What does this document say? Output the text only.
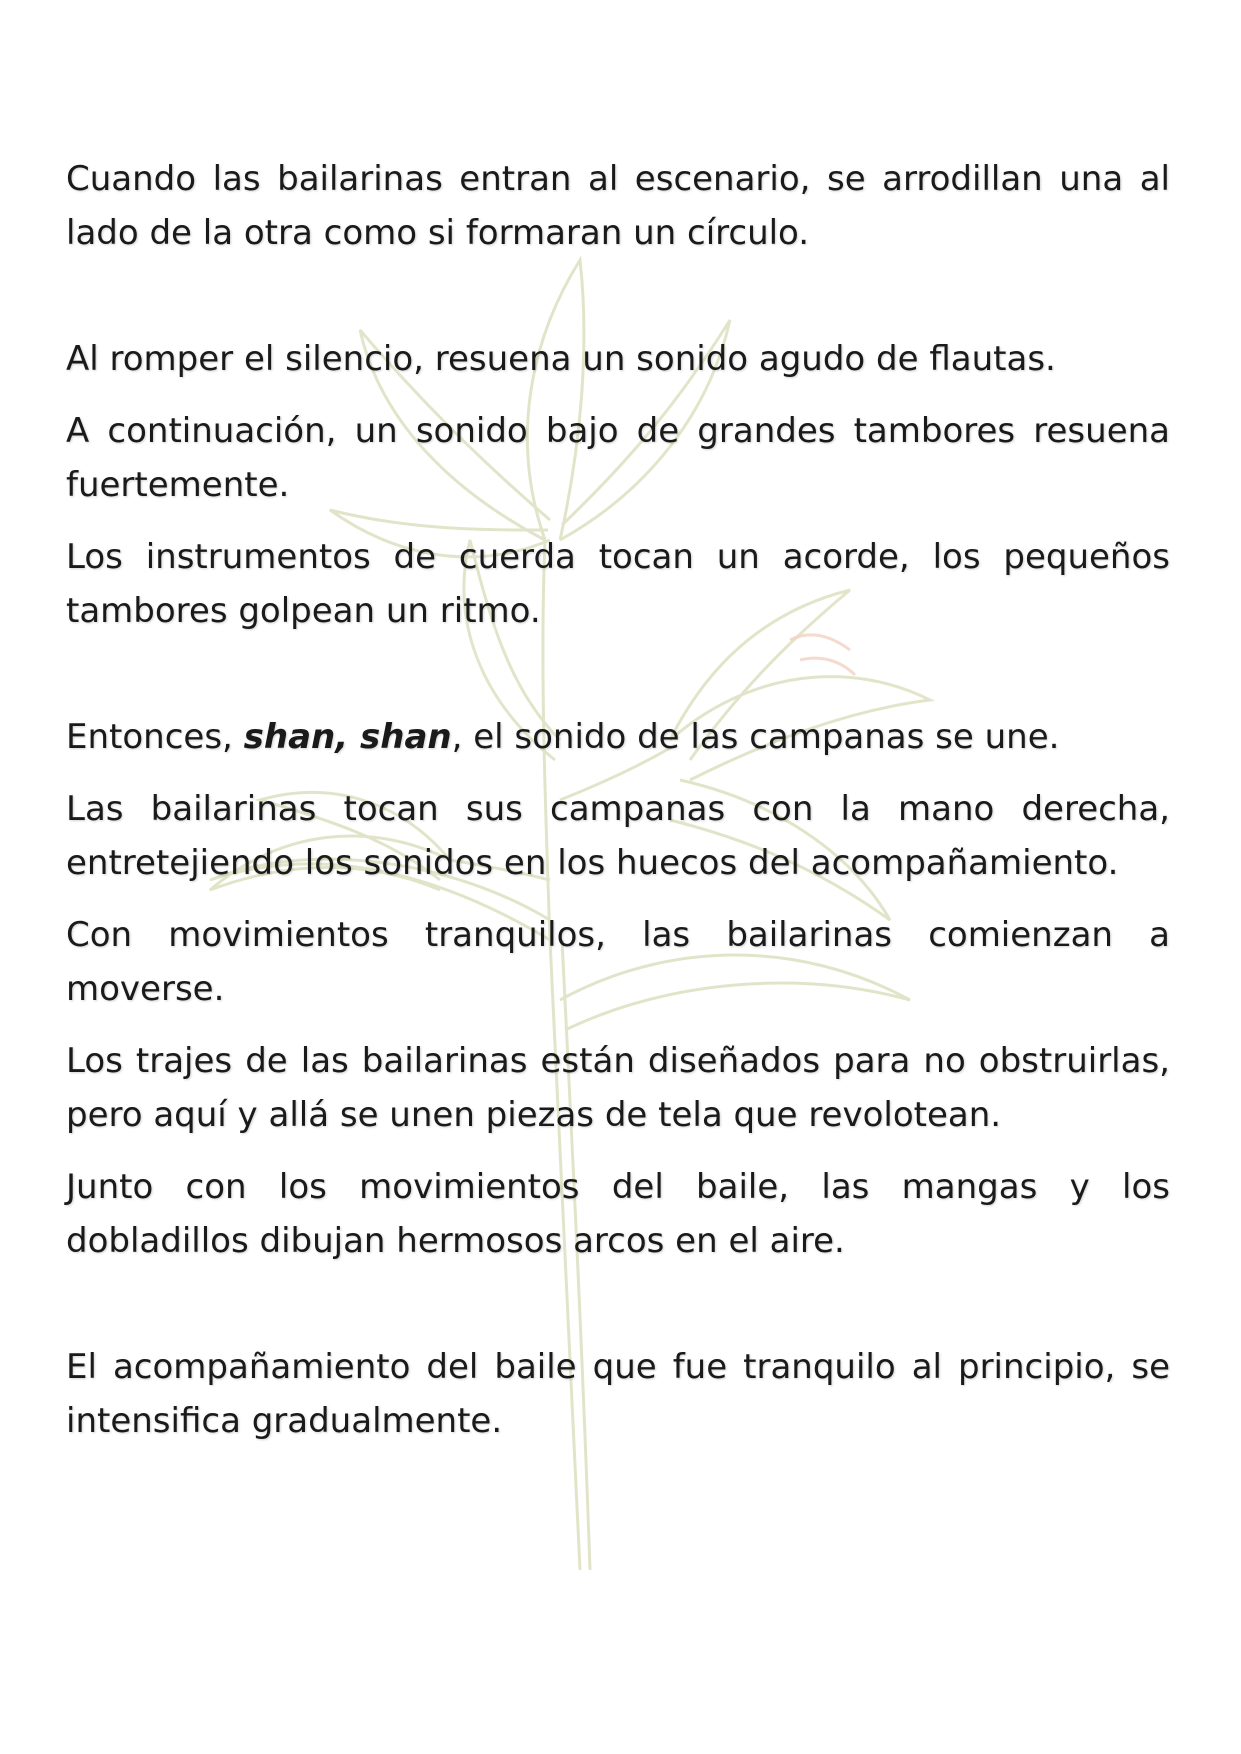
Cuando las bailarinas entran al escenario, se arrodillan una al lado de la otra como si formaran un círculo.

Al romper el silencio, resuena un sonido agudo de flautas.

A continuación, un sonido bajo de grandes tambores resuena fuertemente.

Los instrumentos de cuerda tocan un acorde, los pequeños tambores golpean un ritmo.

Entonces, shan, shan, el sonido de las campanas se une.

Las bailarinas tocan sus campanas con la mano derecha, entretejiendo los sonidos en los huecos del acompañamiento.

Con movimientos tranquilos, las bailarinas comienzan a moverse.

Los trajes de las bailarinas están diseñados para no obstruirlas, pero aquí y allá se unen piezas de tela que revolotean.

Junto con los movimientos del baile, las mangas y los dobladillos dibujan hermosos arcos en el aire.

El acompañamiento del baile que fue tranquilo al principio, se intensifica gradualmente.
